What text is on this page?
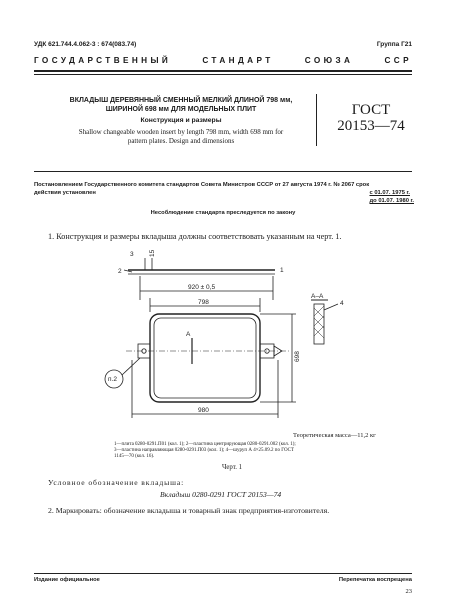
УДК 621.744.4.062-3 : 674(083.74)	Группа Г21
ГОСУДАРСТВЕННЫЙ	СТАНДАРТ	СОЮЗА	ССР
ВКЛАДЫШ ДЕРЕВЯННЫЙ СМЕННЫЙ МЕЛКИЙ ДЛИНОЙ 798 мм,
ШИРИНОЙ 698 мм ДЛЯ МОДЕЛЬНЫХ ПЛИТ
Конструкция и размеры
Shallow changeable wooden insert by length 798 mm, width 698 mm for
pattern plates. Design and dimensions
ГОСТ
20153—74
Постановлением Государственного комитета стандартов Совета Министров СССР от 27 августа 1974 г. № 2067 срок
действия установлен	с 01.07. 1975 г.
до 01.07. 1980 г.
Несоблюдение стандарта преследуется по закону
1. Конструкция и размеры вкладыша должны соответствовать указанным на черт. 1.
2	1
3 15
920 ± 0,5
798
980
698
п.2
А–А
4
А
Теоретическая масса—11,2 кг
1—плита 0280-0291.П01 (кол. 1); 2—пластина центрирующая 0280-0291.002 (кол. 1);
3—пластина направляющая 0280-0291.П03 (кол. 1); 4—шуруп А 4×25.09.2 по ГОСТ
1145—70 (кол. 16).
Черт. 1
Условное обозначение вкладыша:
Вкладыш 0280-0291 ГОСТ 20153—74
2. Маркировать: обозначение вкладыша и товарный знак предприятия-изготовителя.
Издание официальное	Перепечатка воспрещена
23
